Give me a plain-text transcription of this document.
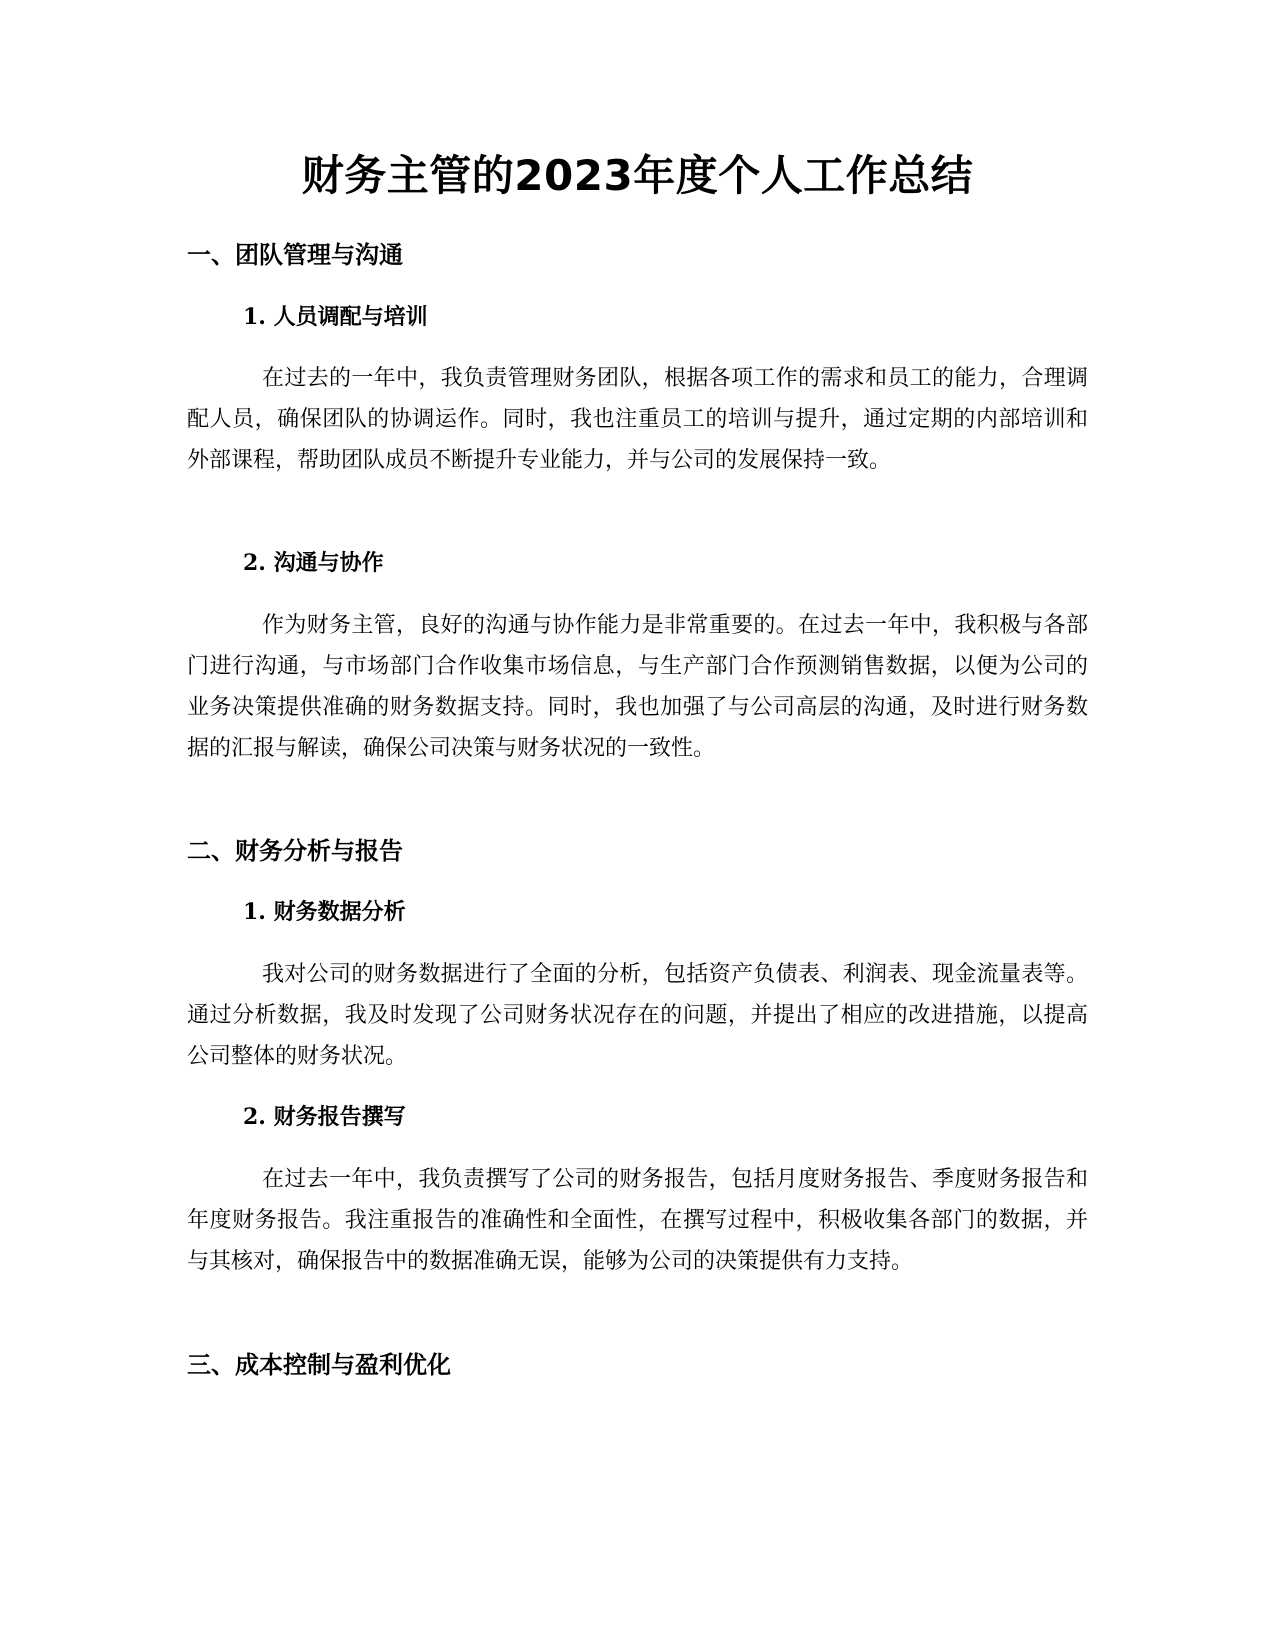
财务主管的2023年度个人工作总结
一、团队管理与沟通
1. 人员调配与培训

在过去的一年中，我负责管理财务团队，根据各项工作的需求和员工的能力，合理调配人员，确保团队的协调运作。同时，我也注重员工的培训与提升，通过定期的内部培训和外部课程，帮助团队成员不断提升专业能力，并与公司的发展保持一致。

2. 沟通与协作

作为财务主管，良好的沟通与协作能力是非常重要的。在过去一年中，我积极与各部门进行沟通，与市场部门合作收集市场信息，与生产部门合作预测销售数据，以便为公司的业务决策提供准确的财务数据支持。同时，我也加强了与公司高层的沟通，及时进行财务数据的汇报与解读，确保公司决策与财务状况的一致性。

二、财务分析与报告
1. 财务数据分析

我对公司的财务数据进行了全面的分析，包括资产负债表、利润表、现金流量表等。通过分析数据，我及时发现了公司财务状况存在的问题，并提出了相应的改进措施，以提高公司整体的财务状况。

2. 财务报告撰写

在过去一年中，我负责撰写了公司的财务报告，包括月度财务报告、季度财务报告和年度财务报告。我注重报告的准确性和全面性，在撰写过程中，积极收集各部门的数据，并与其核对，确保报告中的数据准确无误，能够为公司的决策提供有力支持。

三、成本控制与盈利优化
